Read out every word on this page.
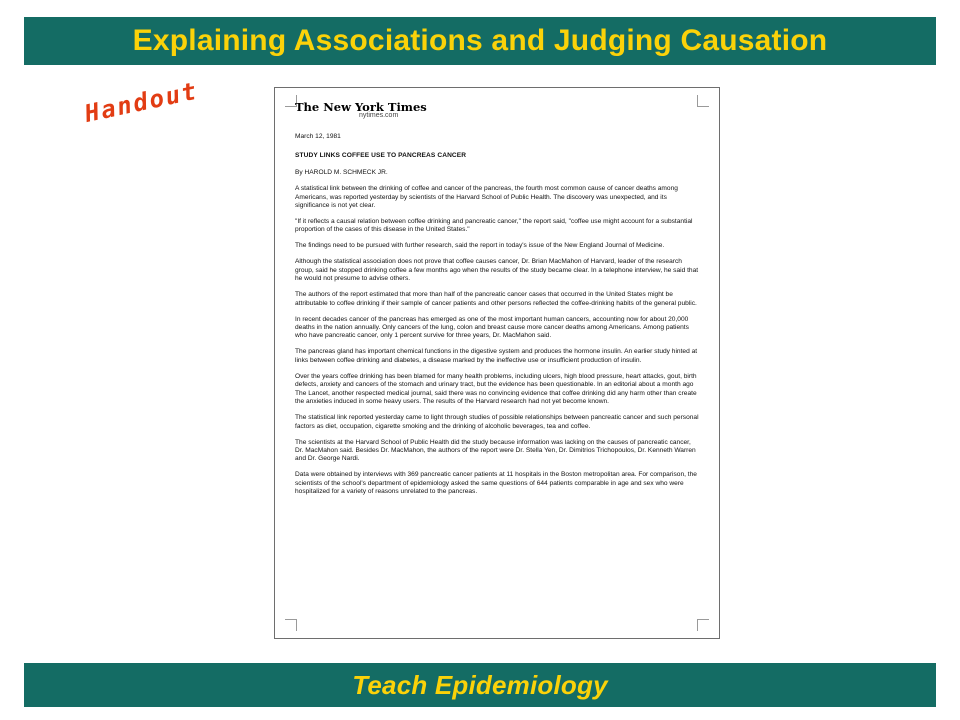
Explaining Associations and Judging Causation
Handout	The New York Times
nytimes.com
March 12, 1981
STUDY LINKS COFFEE USE TO PANCREAS CANCER
By HAROLD M. SCHMECK JR.

A statistical link between the drinking of coffee and cancer of the pancreas, the fourth most common cause of cancer deaths among Americans, was reported yesterday by scientists of the Harvard School of Public Health. The discovery was unexpected, and its significance is not yet clear.

"If it reflects a causal relation between coffee drinking and pancreatic cancer," the report said, "coffee use might account for a substantial proportion of the cases of this disease in the United States."

The findings need to be pursued with further research, said the report in today's issue of the New England Journal of Medicine.

Although the statistical association does not prove that coffee causes cancer, Dr. Brian MacMahon of Harvard, leader of the research group, said he stopped drinking coffee a few months ago when the results of the study became clear. In a telephone interview, he said that he would not presume to advise others.

The authors of the report estimated that more than half of the pancreatic cancer cases that occurred in the United States might be attributable to coffee drinking if their sample of cancer patients and other persons reflected the coffee-drinking habits of the general public.

In recent decades cancer of the pancreas has emerged as one of the most important human cancers, accounting now for about 20,000 deaths in the nation annually. Only cancers of the lung, colon and breast cause more cancer deaths among Americans. Among patients who have pancreatic cancer, only 1 percent survive for three years, Dr. MacMahon said.

The pancreas gland has important chemical functions in the digestive system and produces the hormone insulin. An earlier study hinted at links between coffee drinking and diabetes, a disease marked by the ineffective use or insufficient production of insulin.

Over the years coffee drinking has been blamed for many health problems, including ulcers, high blood pressure, heart attacks, gout, birth defects, anxiety and cancers of the stomach and urinary tract, but the evidence has been questionable. In an editorial about a month ago The Lancet, another respected medical journal, said there was no convincing evidence that coffee drinking did any harm other than create the anxieties induced in some heavy users. The results of the Harvard research had not yet become known.

The statistical link reported yesterday came to light through studies of possible relationships between pancreatic cancer and such personal factors as diet, occupation, cigarette smoking and the drinking of alcoholic beverages, tea and coffee.

The scientists at the Harvard School of Public Health did the study because information was lacking on the causes of pancreatic cancer, Dr. MacMahon said. Besides Dr. MacMahon, the authors of the report were Dr. Stella Yen, Dr. Dimitrios Trichopoulos, Dr. Kenneth Warren and Dr. George Nardi.

Data were obtained by interviews with 369 pancreatic cancer patients at 11 hospitals in the Boston metropolitan area. For comparison, the scientists of the school's department of epidemiology asked the same questions of 644 patients comparable in age and sex who were hospitalized for a variety of reasons unrelated to the pancreas.

Teach Epidemiology
